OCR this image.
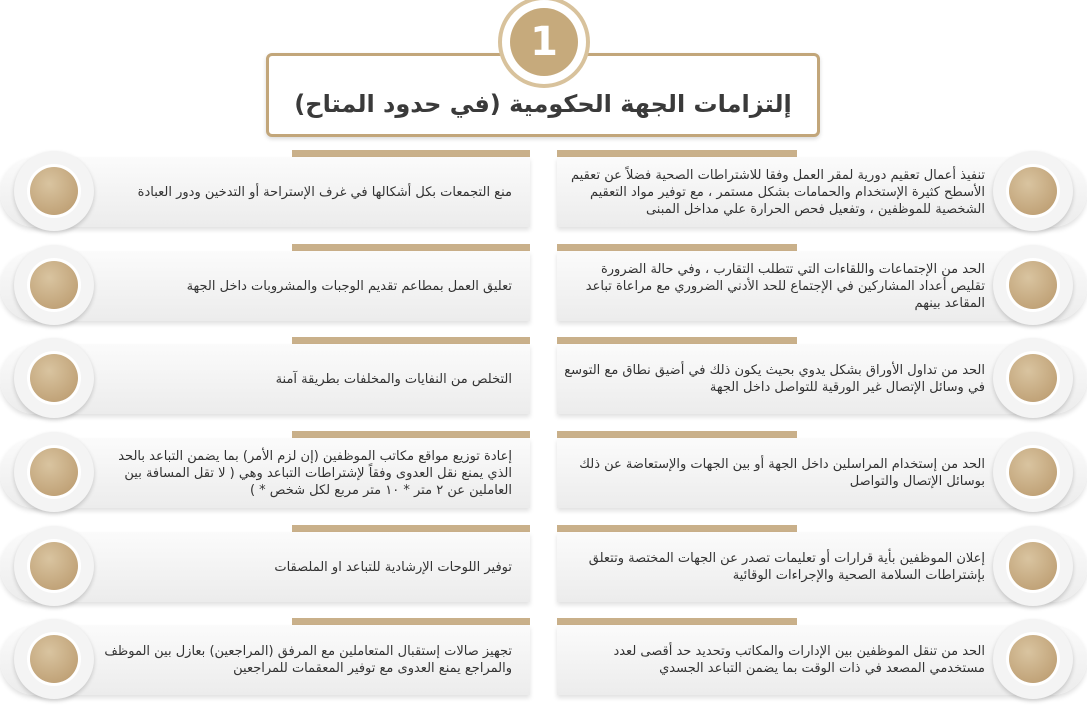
إلتزامات الجهة الحكومية (في حدود المتاح)
1
تنفيذ أعمال تعقيم دورية لمقر العمل وفقا للاشتراطات الصحية فضلاً عن تعقيم الأسطح كثيرة الإستخدام والحمامات بشكل مستمر ، مع توفير مواد التعقيم الشخصية للموظفين ، وتفعيل فحص الحرارة علي مداخل المبنى
الحد من الإجتماعات واللقاءات التي تتطلب التقارب ، وفي حالة الضرورة تقليص أعداد المشاركين في الإجتماع للحد الأدني الضروري مع مراعاة تباعد المقاعد بينهم
الحد من تداول الأوراق بشكل يدوي بحيث يكون ذلك في أضيق نطاق مع التوسع في وسائل الإتصال غير الورقية للتواصل داخل الجهة
الحد من إستخدام المراسلين داخل الجهة أو بين الجهات والإستعاضة عن ذلك بوسائل الإتصال والتواصل
إعلان الموظفين بأية قرارات أو تعليمات تصدر عن الجهات المختصة وتتعلق بإشتراطات السلامة الصحية والإجراءات الوقائية
الحد من تنقل الموظفين بين الإدارات والمكاتب وتحديد حد أقصى لعدد مستخدمي المصعد في ذات الوقت بما يضمن التباعد الجسدي
منع التجمعات بكل أشكالها في غرف الإستراحة أو التدخين ودور العبادة
تعليق العمل بمطاعم تقديم الوجبات والمشروبات داخل الجهة
التخلص من النفايات والمخلفات بطريقة آمنة
إعادة توزيع مواقع مكاتب الموظفين (إن لزم الأمر) بما يضمن التباعد بالحد الذي يمنع نقل العدوى وفقاً لإشتراطات التباعد وهي ( لا تقل المسافة بين العاملين عن ٢ متر * ١٠ متر مربع لكل شخص * )
توفير اللوحات الإرشادية للتباعد او الملصقات
تجهيز صالات إستقبال المتعاملين مع المرفق (المراجعين) بعازل بين الموظف والمراجع يمنع العدوى مع توفير المعقمات للمراجعين
